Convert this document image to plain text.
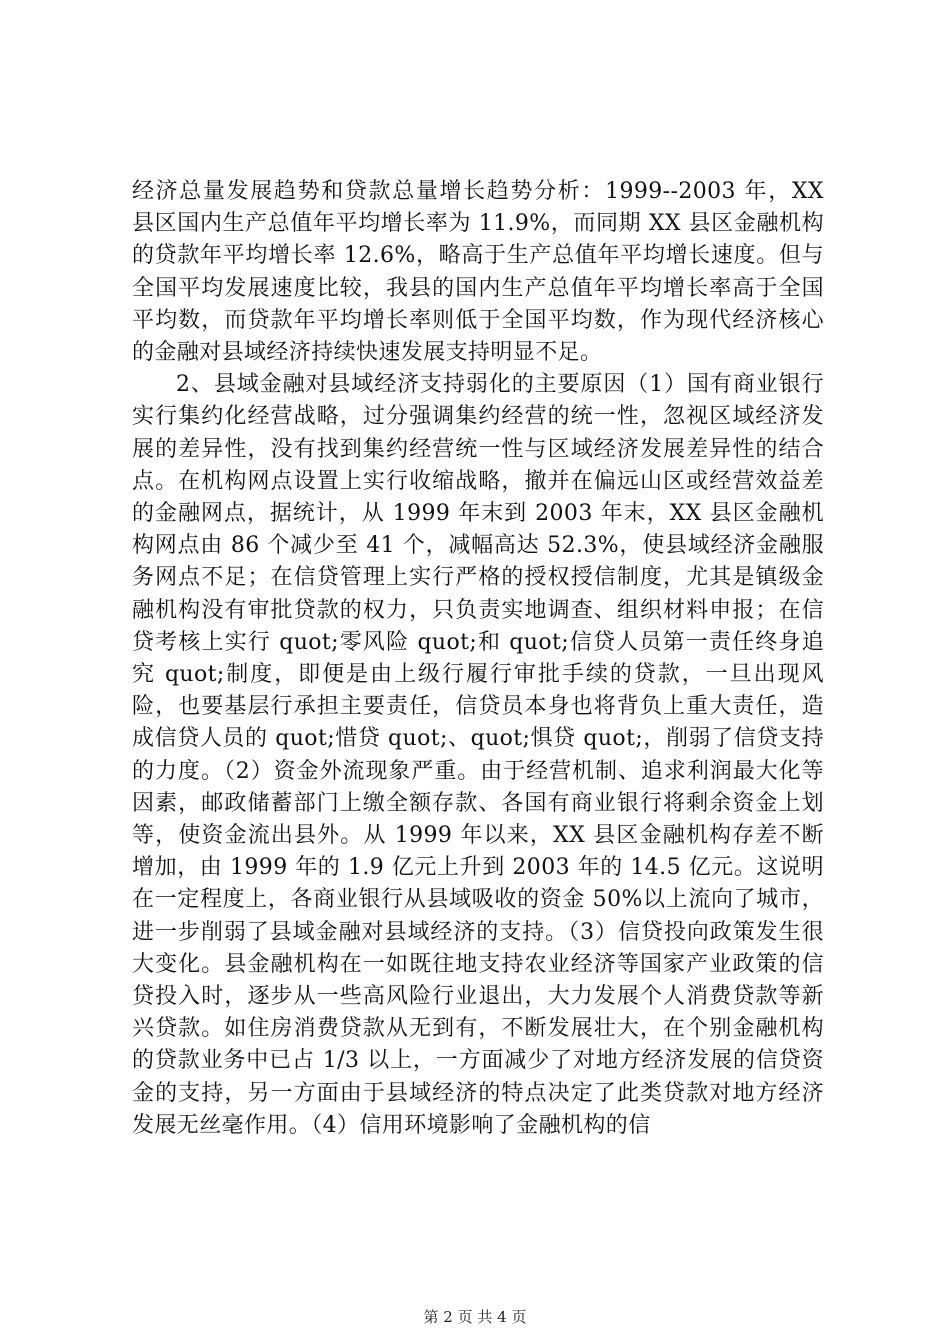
经济总量发展趋势和贷款总量增长趋势分析：1999--2003 年，XX 县区国内生产总值年平均增长率为 11.9%，而同期 XX 县区金融机构的贷款年平均增长率 12.6%，略高于生产总值年平均增长速度。但与全国平均发展速度比较，我县的国内生产总值年平均增长率高于全国平均数，而贷款年平均增长率则低于全国平均数，作为现代经济核心的金融对县域经济持续快速发展支持明显不足。

2、县域金融对县域经济支持弱化的主要原因（1）国有商业银行实行集约化经营战略，过分强调集约经营的统一性，忽视区域经济发展的差异性，没有找到集约经营统一性与区域经济发展差异性的结合点。在机构网点设置上实行收缩战略，撤并在偏远山区或经营效益差的金融网点，据统计，从 1999 年末到 2003 年末，XX 县区金融机构网点由 86 个减少至 41 个，减幅高达 52.3%，使县域经济金融服务网点不足；在信贷管理上实行严格的授权授信制度，尤其是镇级金融机构没有审批贷款的权力，只负责实地调查、组织材料申报；在信贷考核上实行 quot;零风险 quot;和 quot;信贷人员第一责任终身追究 quot;制度，即便是由上级行履行审批手续的贷款，一旦出现风险，也要基层行承担主要责任，信贷员本身也将背负上重大责任，造成信贷人员的 quot;惜贷 quot;、quot;惧贷 quot;，削弱了信贷支持的力度。（2）资金外流现象严重。由于经营机制、追求利润最大化等因素，邮政储蓄部门上缴全额存款、各国有商业银行将剩余资金上划等，使资金流出县外。从 1999 年以来，XX 县区金融机构存差不断增加，由 1999 年的 1.9 亿元上升到 2003 年的 14.5 亿元。这说明在一定程度上，各商业银行从县域吸收的资金 50%以上流向了城市，进一步削弱了县域金融对县域经济的支持。（3）信贷投向政策发生很大变化。县金融机构在一如既往地支持农业经济等国家产业政策的信贷投入时，逐步从一些高风险行业退出，大力发展个人消费贷款等新兴贷款。如住房消费贷款从无到有，不断发展壮大，在个别金融机构的贷款业务中已占 1/3 以上，一方面减少了对地方经济发展的信贷资金的支持，另一方面由于县域经济的特点决定了此类贷款对地方经济发展无丝毫作用。（4）信用环境影响了金融机构的信

第 2 页 共 4 页
